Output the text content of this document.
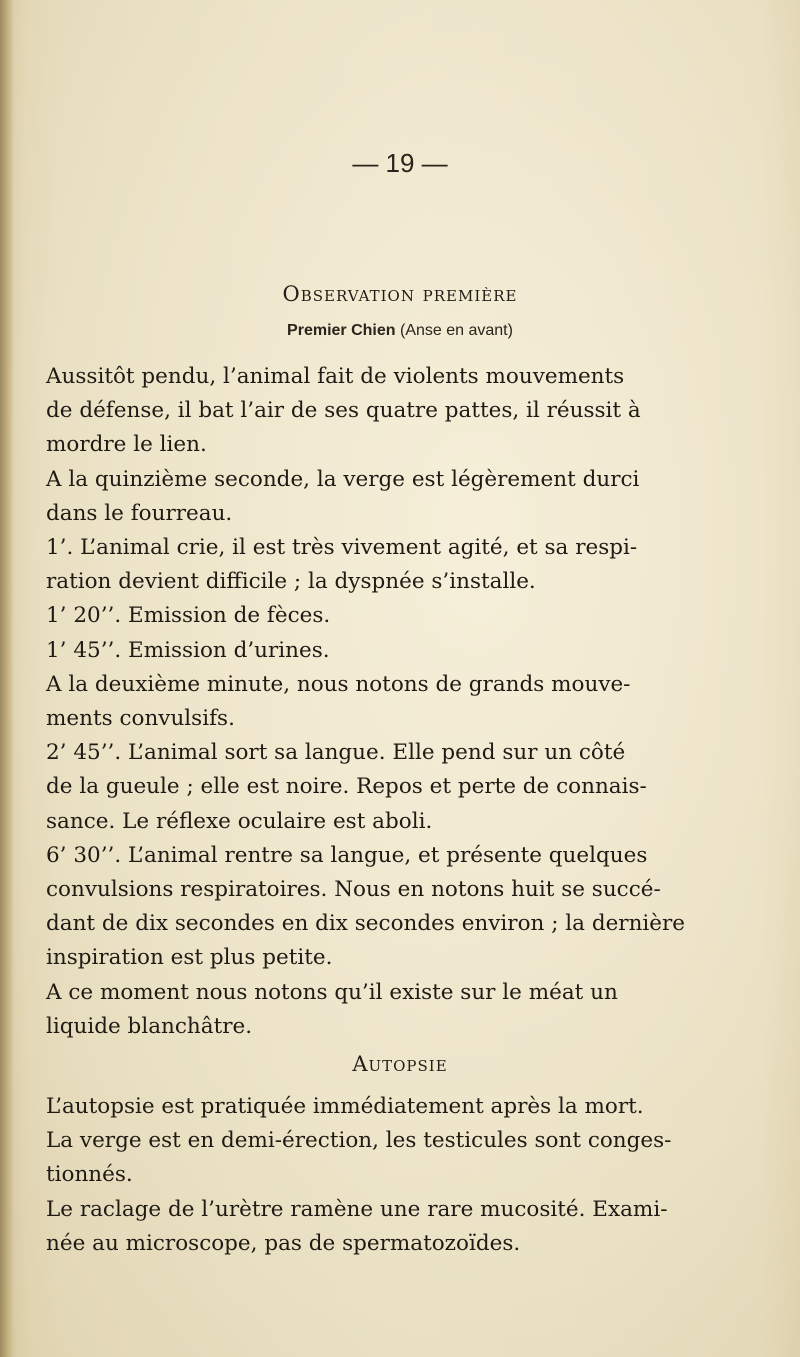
— 19 —
Observation première
Premier Chien (Anse en avant)
Aussitôt pendu, l’animal fait de violents mouvements
de défense, il bat l’air de ses quatre pattes, il réussit à
mordre le lien.
A la quinzième seconde, la verge est légèrement durci
dans le fourreau.
1’. L’animal crie, il est très vivement agité, et sa respi-
ration devient difficile ; la dyspnée s’installe.
1’ 20’’. Emission de fèces.
1’ 45’’. Emission d’urines.
A la deuxième minute, nous notons de grands mouve-
ments convulsifs.
2’ 45’’. L’animal sort sa langue. Elle pend sur un côté
de la gueule ; elle est noire. Repos et perte de connais-
sance. Le réflexe oculaire est aboli.
6’ 30’’. L’animal rentre sa langue, et présente quelques
convulsions respiratoires. Nous en notons huit se succé-
dant de dix secondes en dix secondes environ ; la dernière
inspiration est plus petite.
A ce moment nous notons qu’il existe sur le méat un
liquide blanchâtre.
Autopsie
L’autopsie est pratiquée immédiatement après la mort.
La verge est en demi-érection, les testicules sont conges-
tionnés.
Le raclage de l’urètre ramène une rare mucosité. Exami-
née au microscope, pas de spermatozoïdes.
